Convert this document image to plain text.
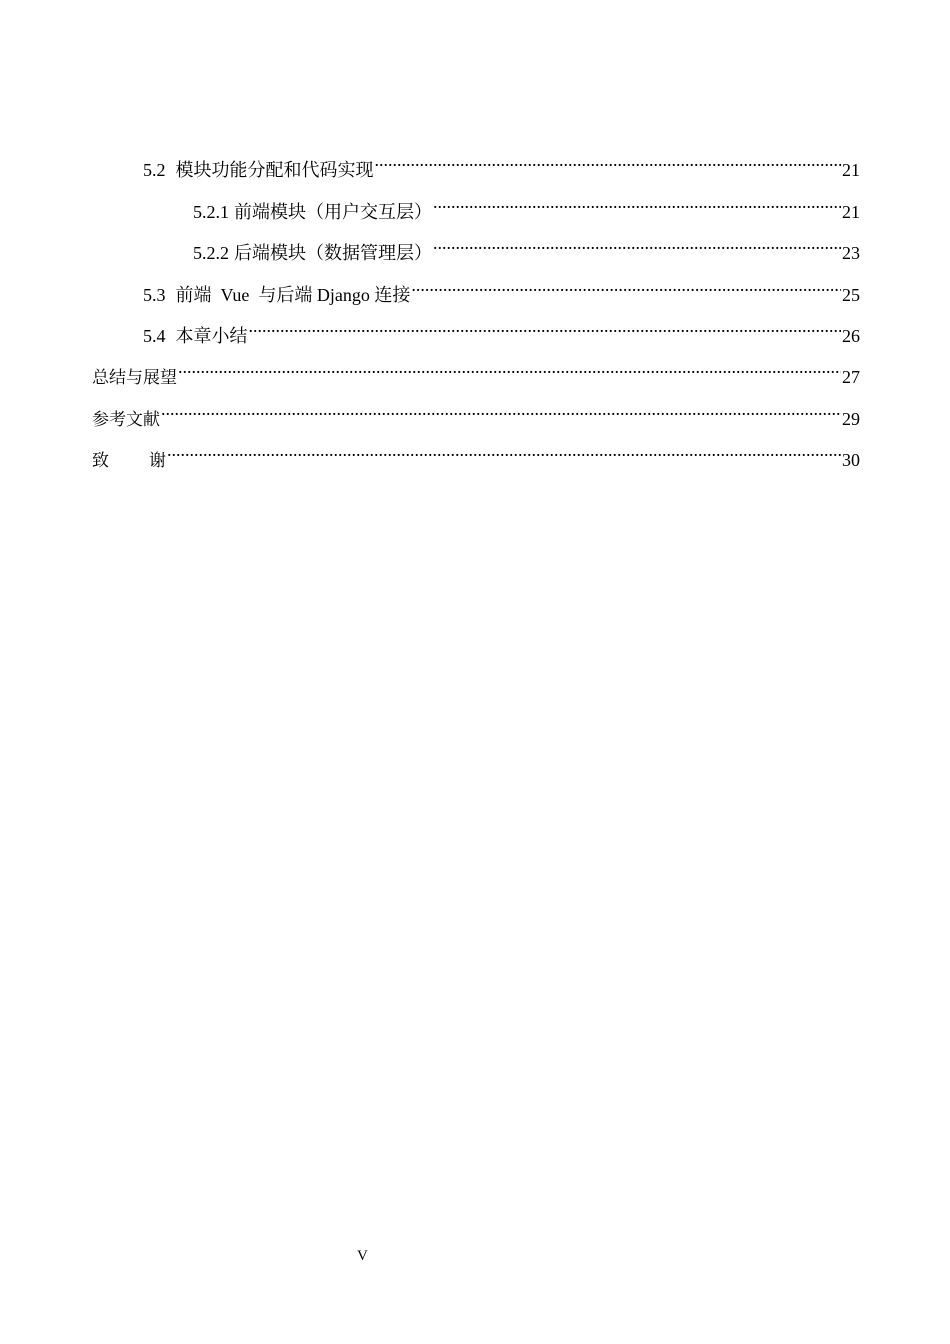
5.2 模块功能分配和代码实现 .....	21
5.2.1 前端模块（用户交互层） .....	21
5.2.2 后端模块（数据管理层） .....	23
5.3 前端  Vue  与后端 Django 连接 .....	25
5.4 本章小结 .....	26
总结与展望 .....	27
参考文献 .....	29
致 谢 .....	30
V
